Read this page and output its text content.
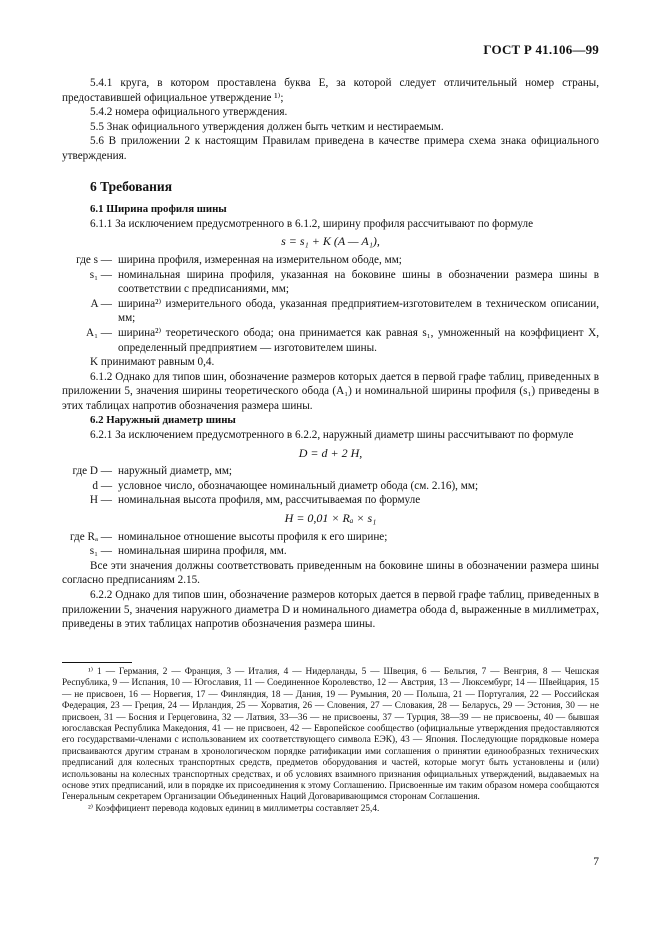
ГОСТ Р 41.106—99

5.4.1 круга, в котором проставлена буква Е, за которой следует отличительный номер страны, предоставившей официальное утверждение ¹⁾;

5.4.2 номера официального утверждения.

5.5 Знак официального утверждения должен быть четким и нестираемым.

5.6 В приложении 2 к настоящим Правилам приведена в качестве примера схема знака официального утверждения.

6 Требования

6.1 Ширина профиля шины

6.1.1 За исключением предусмотренного в 6.1.2, ширину профиля рассчитывают по формуле

s = s₁ + K (A — A₁),
где s — ширина профиля, измеренная на измерительном ободе, мм;
s₁ — номинальная ширина профиля, указанная на боковине шины в обозначении размера шины в соответствии с предписаниями, мм;
A — ширина²⁾ измерительного обода, указанная предприятием-изготовителем в техническом описании, мм;
A₁ — ширина²⁾ теоретического обода; она принимается как равная s₁, умноженный на коэффициент X, определенный предприятием — изготовителем шины.

K принимают равным 0,4.

6.1.2 Однако для типов шин, обозначение размеров которых дается в первой графе таблиц, приведенных в приложении 5, значения ширины теоретического обода (A₁) и номинальной ширины профиля (s₁) приведены в этих таблицах напротив обозначения размера шины.

6.2 Наружный диаметр шины

6.2.1 За исключением предусмотренного в 6.2.2, наружный диаметр шины рассчитывают по формуле

D = d + 2 H,
где D — наружный диаметр, мм;
d — условное число, обозначающее номинальный диаметр обода (см. 2.16), мм;
H — номинальная высота профиля, мм, рассчитываемая по формуле
H = 0,01 × Rₐ × s₁
где Rₐ — номинальное отношение высоты профиля к его ширине;
s₁ — номинальная ширина профиля, мм.

Все эти значения должны соответствовать приведенным на боковине шины в обозначении размера шины согласно предписаниям 2.15.

6.2.2 Однако для типов шин, обозначение размеров которых дается в первой графе таблиц, приведенных в приложении 5, значения наружного диаметра D и номинального диаметра обода d, выраженные в миллиметрах, приведены в этих таблицах напротив обозначения размера шины.

¹⁾ 1 — Германия, 2 — Франция, 3 — Италия, 4 — Нидерланды, 5 — Швеция, 6 — Бельгия, 7 — Венгрия, 8 — Чешская Республика, 9 — Испания, 10 — Югославия, 11 — Соединенное Королевство, 12 — Австрия, 13 — Люксембург, 14 — Швейцария, 15 — не присвоен, 16 — Норвегия, 17 — Финляндия, 18 — Дания, 19 — Румыния, 20 — Польша, 21 — Португалия, 22 — Российская Федерация, 23 — Греция, 24 — Ирландия, 25 — Хорватия, 26 — Словения, 27 — Словакия, 28 — Беларусь, 29 — Эстония, 30 — не присвоен, 31 — Босния и Герцеговина, 32 — Латвия, 33—36 — не присвоены, 37 — Турция, 38—39 — не присвоены, 40 — бывшая югославская Республика Македония, 41 — не присвоен, 42 — Европейское сообщество (официальные утверждения предоставляются его государствами-членами с использованием их соответствующего символа ЕЭК), 43 — Япония. Последующие порядковые номера присваиваются другим странам в хронологическом порядке ратификации ими соглашения о принятии единообразных технических предписаний для колесных транспортных средств, предметов оборудования и частей, которые могут быть установлены и (или) использованы на колесных транспортных средствах, и об условиях взаимного признания официальных утверждений, выдаваемых на основе этих предписаний, или в порядке их присоединения к этому Соглашению. Присвоенные им таким образом номера сообщаются Генеральным секретарем Организации Объединенных Наций Договаривающимся сторонам Соглашения.

²⁾ Коэффициент перевода кодовых единиц в миллиметры составляет 25,4.

7
